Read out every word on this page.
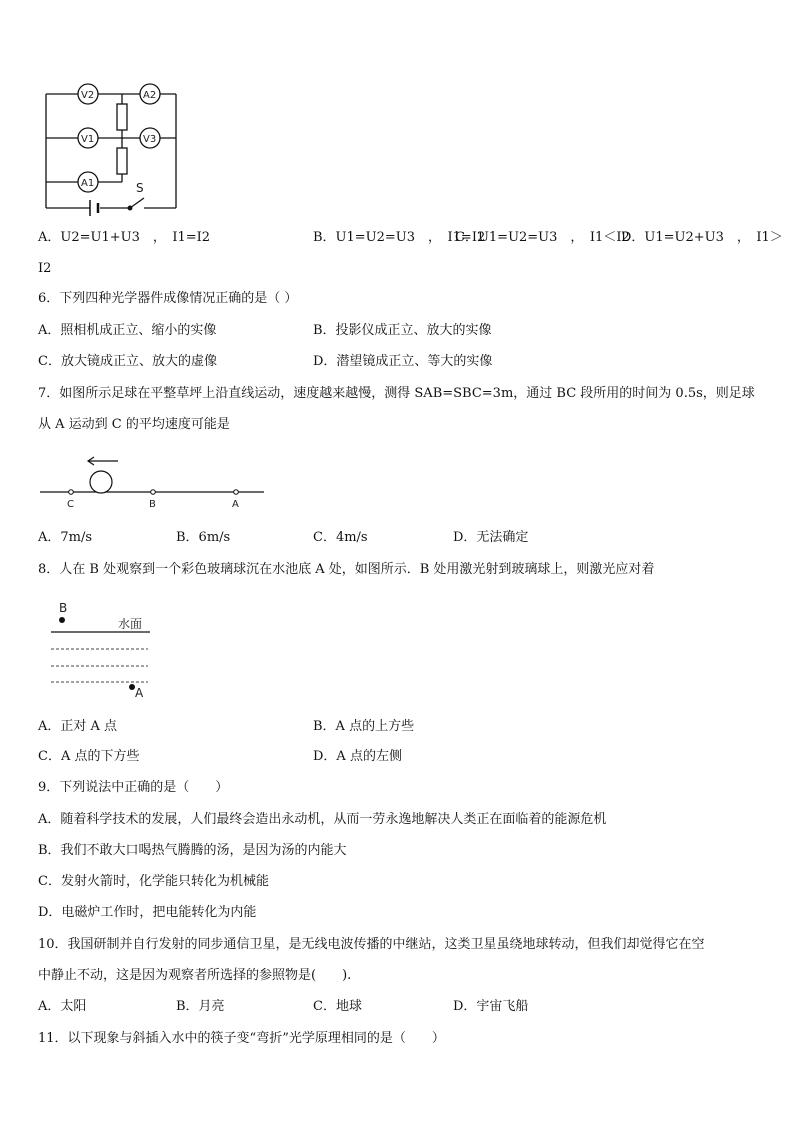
V2	A2
V1	V3
A1	S
A．U2=U1+U3　，　I1=I2	B．U1=U2=U3　，　I1=I2
C．U1=U2=U3　，　I1＜I2
D．U1=U2+U3　，　I1＞
I2
6．下列四种光学器件成像情况正确的是（ ）
A．照相机成正立、缩小的实像	B．投影仪成正立、放大的实像
C．放大镜成正立、放大的虚像	D．潜望镜成正立、等大的实像
7．如图所示足球在平整草坪上沿直线运动，速度越来越慢，测得 SAB=SBC=3m，通过 BC 段所用的时间为 0.5s，则足球
从 A 运动到 C 的平均速度可能是
C	B	A
A．7m/s	B．6m/s	C．4m/s	D．无法确定
8．人在 B 处观察到一个彩色玻璃球沉在水池底 A 处，如图所示．B 处用激光射到玻璃球上，则激光应对着
B
水面
A
A．正对 A 点	B．A 点的上方些
C．A 点的下方些	D．A 点的左侧
9．下列说法中正确的是（　　）
A．随着科学技术的发展，人们最终会造出永动机，从而一劳永逸地解决人类正在面临着的能源危机
B．我们不敢大口喝热气腾腾的汤，是因为汤的内能大
C．发射火箭时，化学能只转化为机械能
D．电磁炉工作时，把电能转化为内能
10．我国研制并自行发射的同步通信卫星，是无线电波传播的中继站，这类卫星虽绕地球转动，但我们却觉得它在空
中静止不动，这是因为观察者所选择的参照物是(　　).
A．太阳	B．月亮	C．地球	D．宇宙飞船
11．以下现象与斜插入水中的筷子变“弯折”光学原理相同的是（　　）
